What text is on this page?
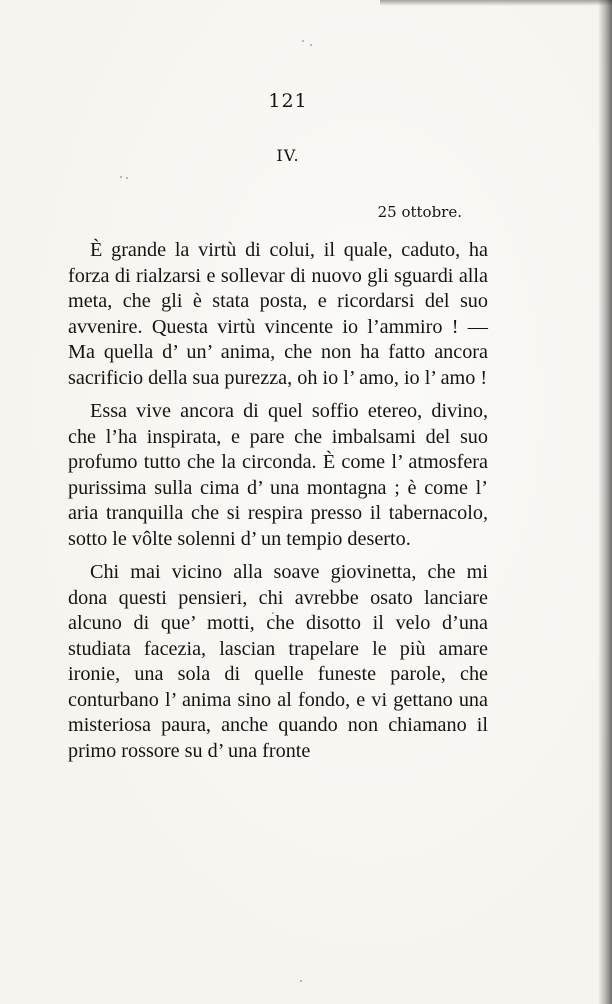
121
IV.
25 ottobre.

È grande la virtù di colui, il quale, caduto, ha forza di rialzarsi e sollevar di nuovo gli sguardi alla meta, che gli è stata posta, e ricordarsi del suo avvenire. Questa virtù vincente io l’ammiro ! — Ma quella d’ un’ anima, che non ha fatto ancora sacrificio della sua purezza, oh io l’ amo, io l’ amo !

Essa vive ancora di quel soffio etereo, divino, che l’ha inspirata, e pare che imbalsami del suo profumo tutto che la circonda. È come l’ atmosfera purissima sulla cima d’ una montagna ; è come l’ aria tranquilla che si respira presso il tabernacolo, sotto le vôlte solenni d’ un tempio deserto.

Chi mai vicino alla soave giovinetta, che mi dona questi pensieri, chi avrebbe osato lanciare alcuno di que’ motti, che disotto il velo d’una studiata facezia, lascian trapelare le più amare ironie, una sola di quelle funeste parole, che conturbano l’ anima sino al fondo, e vi gettano una misteriosa paura, anche quando non chiamano il primo rossore su d’ una fronte
